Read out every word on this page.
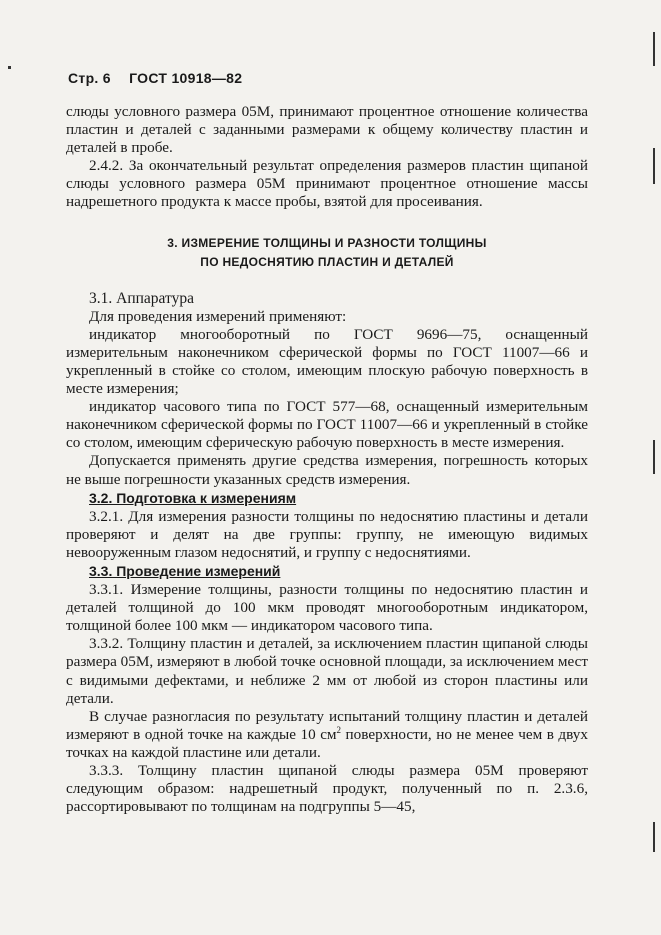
Стр. 6 ГОСТ 10918—82

слюды условного размера 05М, принимают процентное отношение количества пластин и деталей с заданными размерами к общему количеству пластин и деталей в пробе.

2.4.2. За окончательный результат определения размеров пластин щипаной слюды условного размера 05М принимают процентное отношение массы надрешетного продукта к массе пробы, взятой для просеивания.

3. ИЗМЕРЕНИЕ ТОЛЩИНЫ И РАЗНОСТИ ТОЛЩИНЫ
ПО НЕДОСНЯТИЮ ПЛАСТИН И ДЕТАЛЕЙ

3.1. Аппаратура

Для проведения измерений применяют:

индикатор многооборотный по ГОСТ 9696—75, оснащенный измерительным наконечником сферической формы по ГОСТ 11007—66 и укрепленный в стойке со столом, имеющим плоскую рабочую поверхность в месте измерения;

индикатор часового типа по ГОСТ 577—68, оснащенный измерительным наконечником сферической формы по ГОСТ 11007—66 и укрепленный в стойке со столом, имеющим сферическую рабочую поверхность в месте измерения.

Допускается применять другие средства измерения, погрешность которых не выше погрешности указанных средств измерения.

3.2. Подготовка к измерениям

3.2.1. Для измерения разности толщины по недоснятию пластины и детали проверяют и делят на две группы: группу, не имеющую видимых невооруженным глазом недоснятий, и группу с недоснятиями.

3.3. Проведение измерений

3.3.1. Измерение толщины, разности толщины по недоснятию пластин и деталей толщиной до 100 мкм проводят многооборотным индикатором, толщиной более 100 мкм — индикатором часового типа.

3.3.2. Толщину пластин и деталей, за исключением пластин щипаной слюды размера 05М, измеряют в любой точке основной площади, за исключением мест с видимыми дефектами, и неближе 2 мм от любой из сторон пластины или детали.

В случае разногласия по результату испытаний толщину пластин и деталей измеряют в одной точке на каждые 10 $см^2$ поверхности, но не менее чем в двух точках на каждой пластине или детали.

3.3.3. Толщину пластин щипаной слюды размера 05М проверяют следующим образом: надрешетный продукт, полученный по п. 2.3.6, рассортировывают по толщинам на подгруппы 5—45,
